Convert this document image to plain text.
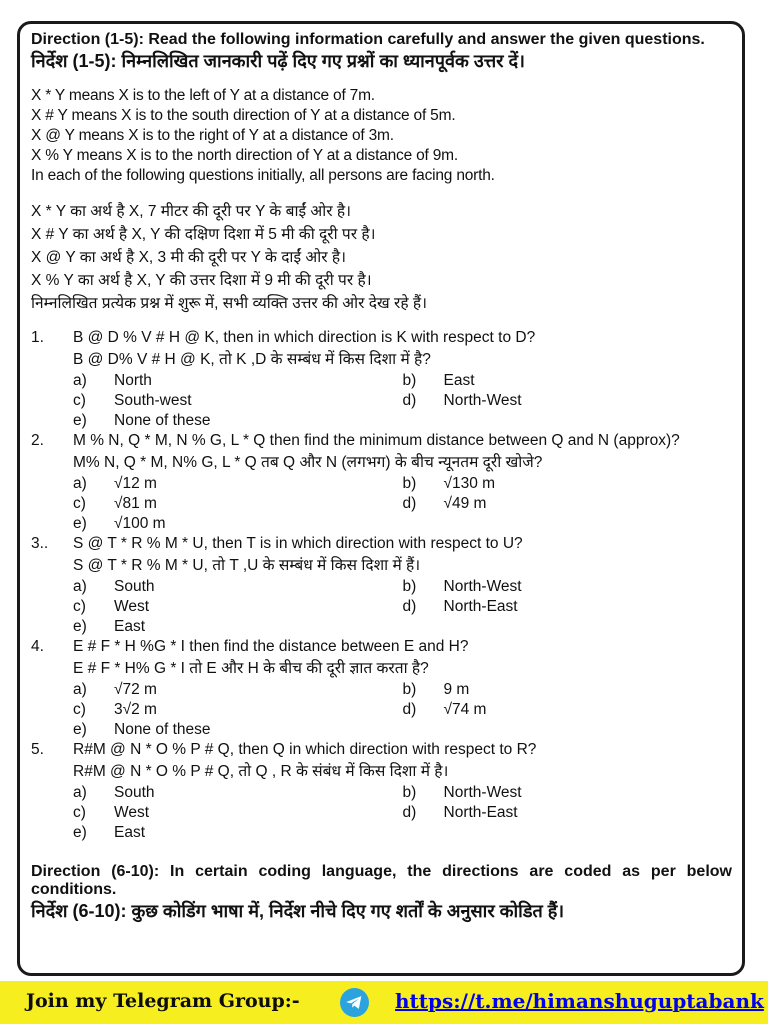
Direction (1-5): Read the following information carefully and answer the given questions.
निर्देश (1-5): निम्नलिखित जानकारी पढ़ें दिए गए प्रश्नों का ध्यानपूर्वक उत्तर दें।
X * Y means X is to the left of Y at a distance of 7m.
X # Y means X is to the south direction of Y at a distance of 5m.
X @ Y means X is to the right of Y at a distance of 3m.
X % Y means X is to the north direction of Y at a distance of 9m.
In each of the following questions initially, all persons are facing north.
X * Y का अर्थ है X, 7 मीटर की दूरी पर Y के बाईं ओर है।
X # Y का अर्थ है X, Y की दक्षिण दिशा में 5 मी की दूरी पर है।
X @ Y का अर्थ है X, 3 मी की दूरी पर Y के दाईं ओर है।
X % Y का अर्थ है X, Y की उत्तर दिशा में 9 मी की दूरी पर है।
निम्नलिखित प्रत्येक प्रश्न में शुरू में, सभी व्यक्ति उत्तर की ओर देख रहे हैं।
1.	B @ D % V # H @ K, then in which direction is K with respect to D?
B @ D% V # H @ K, तो K ,D के सम्बंध में किस दिशा में है?
a)	North	b)	East
c)	South-west	d)	North-West
e)	None of these
2.	M % N, Q * M, N % G, L * Q then find the minimum distance between Q and N (approx)?
M% N, Q * M, N% G, L * Q तब Q और N (लगभग) के बीच न्यूनतम दूरी खोजे?
a)	√12 m	b)	√130 m
c)	√81 m	d)	√49 m
e)	√100 m
3..	S @ T * R % M * U, then T is in which direction with respect to U?
S @ T * R % M * U, तो T ,U के सम्बंध में किस दिशा में हैं।
a)	South	b)	North-West
c)	West	d)	North-East
e)	East
4.	E # F * H %G * I then find the distance between E and H?
E # F * H% G * I तो E और H के बीच की दूरी ज्ञात करता है?
a)	√72 m	b)	9 m
c)	3√2 m	d)	√74 m
e)	None of these
5.	R#M @ N * O % P # Q, then Q in which direction with respect to R?
R#M @ N * O % P # Q, तो Q , R के संबंध में किस दिशा में है।
a)	South	b)	North-West
c)	West	d)	North-East
e)	East
Direction (6-10): In certain coding language, the directions are coded as per below conditions.
निर्देश (6-10): कुछ कोडिंग भाषा में, निर्देश नीचे दिए गए शर्तों के अनुसार कोडित हैं।
Join my Telegram Group:-	https://t.me/himanshuguptabank
